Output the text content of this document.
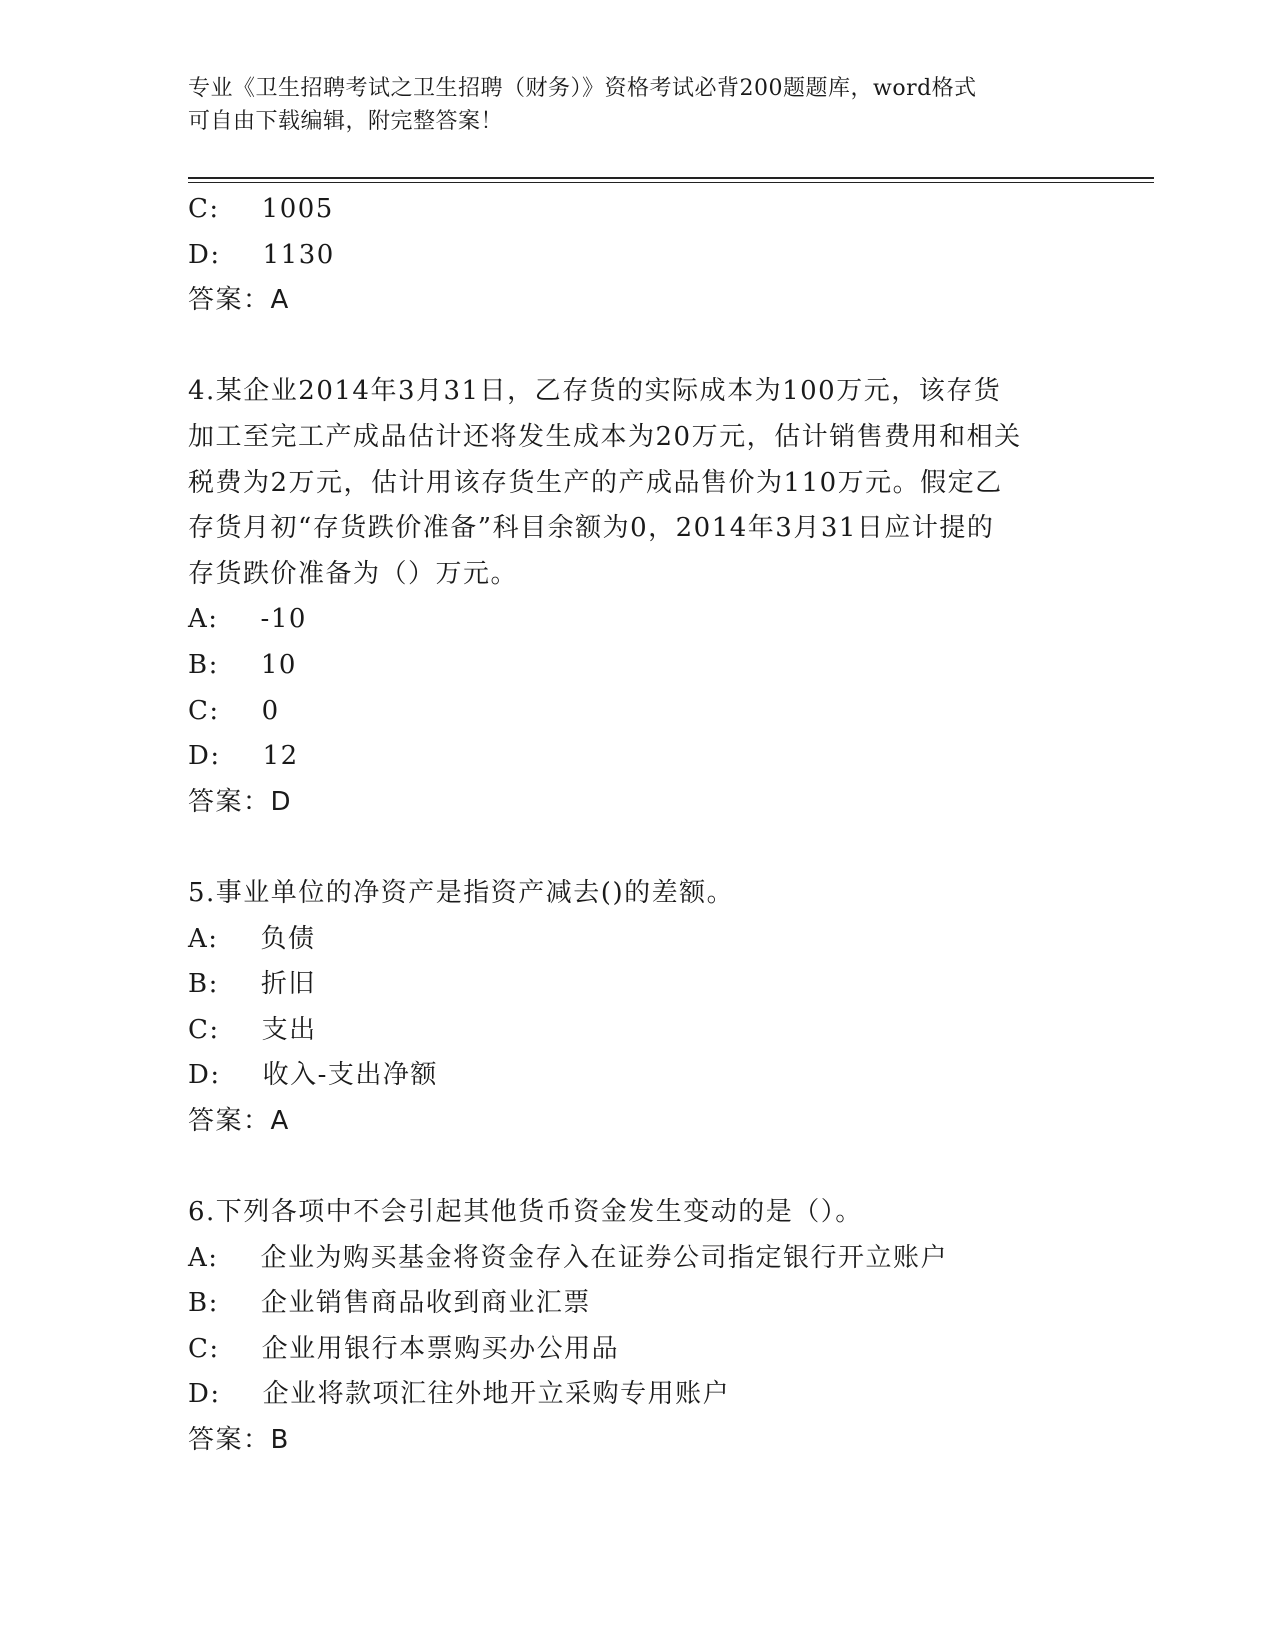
专业《卫生招聘考试之卫生招聘（财务）》资格考试必背200题题库，word格式
可自由下载编辑，附完整答案！
C: 1005
D: 1130
答案：A
4.某企业2014年3月31日，乙存货的实际成本为100万元，该存货
加工至完工产成品估计还将发生成本为20万元，估计销售费用和相关
税费为2万元，估计用该存货生产的产成品售价为110万元。假定乙
存货月初“存货跌价准备”科目余额为0，2014年3月31日应计提的
存货跌价准备为（）万元。
A: -10
B: 10
C: 0
D: 12
答案：D
5.事业单位的净资产是指资产减去()的差额。
A: 负债
B: 折旧
C: 支出
D: 收入-支出净额
答案：A
6.下列各项中不会引起其他货币资金发生变动的是（）。
A: 企业为购买基金将资金存入在证券公司指定银行开立账户
B: 企业销售商品收到商业汇票
C: 企业用银行本票购买办公用品
D: 企业将款项汇往外地开立采购专用账户
答案：B
